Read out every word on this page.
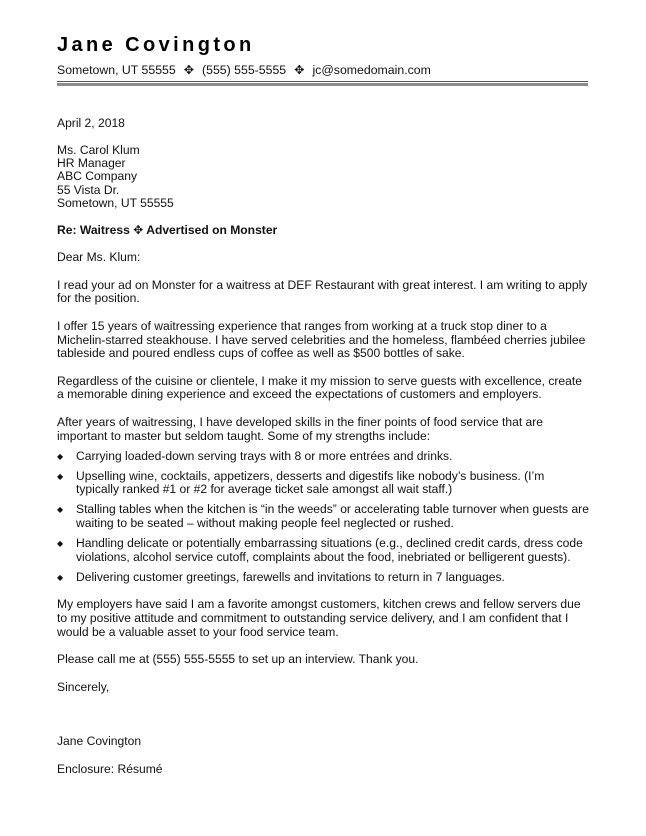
Jane Covington
Sometown, UT 55555 ✥ (555) 555-5555 ✥ jc@somedomain.com
April 2, 2018
Ms. Carol Klum
HR Manager
ABC Company
55 Vista Dr.
Sometown, UT 55555
Re: Waitress ✥ Advertised on Monster
Dear Ms. Klum:

I read your ad on Monster for a waitress at DEF Restaurant with great interest. I am writing to apply for the position.

I offer 15 years of waitressing experience that ranges from working at a truck stop diner to a Michelin-starred steakhouse. I have served celebrities and the homeless, flambéed cherries jubilee tableside and poured endless cups of coffee as well as $500 bottles of sake.

Regardless of the cuisine or clientele, I make it my mission to serve guests with excellence, create a memorable dining experience and exceed the expectations of customers and employers.

After years of waitressing, I have developed skills in the finer points of food service that are important to master but seldom taught. Some of my strengths include:

◆ Carrying loaded-down serving trays with 8 or more entrées and drinks.
◆ Upselling wine, cocktails, appetizers, desserts and digestifs like nobody’s business. (I’m typically ranked #1 or #2 for average ticket sale amongst all wait staff.)
◆ Stalling tables when the kitchen is “in the weeds” or accelerating table turnover when guests are waiting to be seated – without making people feel neglected or rushed.
◆ Handling delicate or potentially embarrassing situations (e.g., declined credit cards, dress code violations, alcohol service cutoff, complaints about the food, inebriated or belligerent guests).
◆ Delivering customer greetings, farewells and invitations to return in 7 languages.

My employers have said I am a favorite amongst customers, kitchen crews and fellow servers due to my positive attitude and commitment to outstanding service delivery, and I am confident that I would be a valuable asset to your food service team.

Please call me at (555) 555-5555 to set up an interview. Thank you.

Sincerely,
Jane Covington
Enclosure: Résumé
